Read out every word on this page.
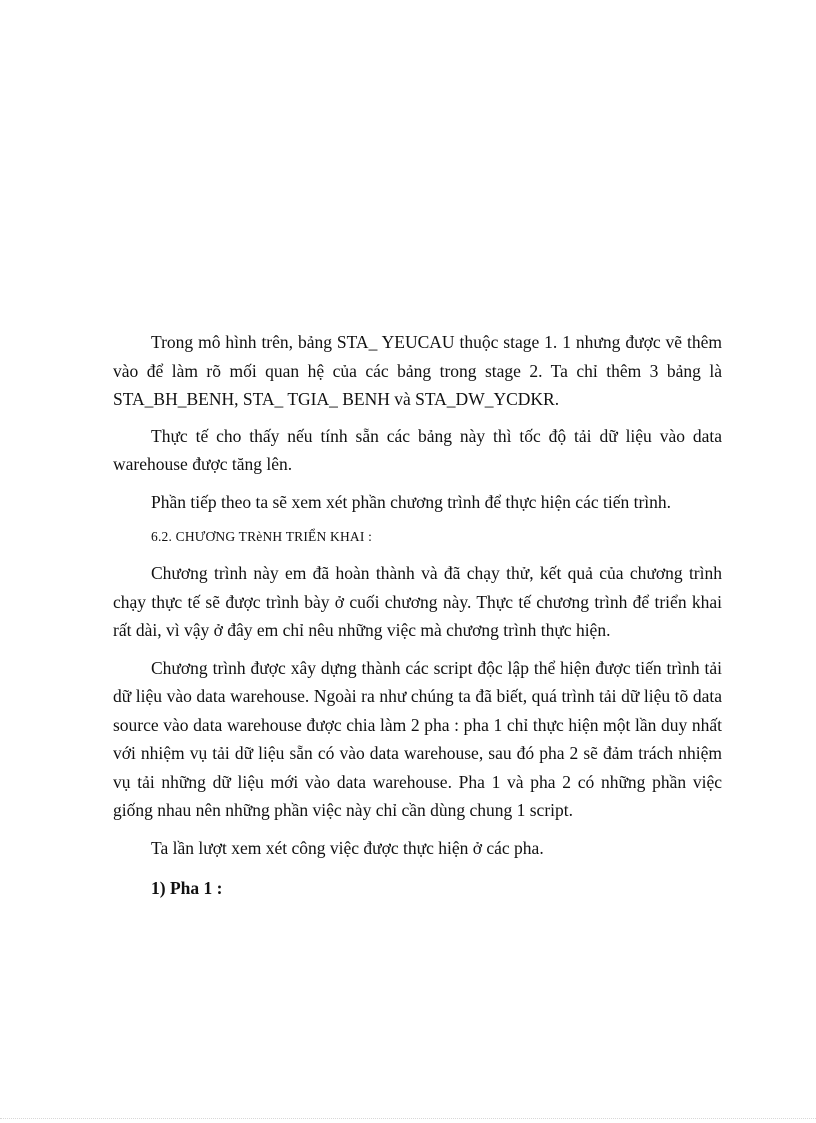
Trong mô hình trên, bảng STA_ YEUCAU thuộc stage 1. 1 nhưng được vẽ thêm vào để làm rõ mối quan hệ của các bảng trong stage 2. Ta chỉ thêm 3 bảng là STA_BH_BENH, STA_ TGIA_ BENH và STA_DW_YCDKR.

Thực tế cho thấy nếu tính sẵn các bảng này thì tốc độ tải dữ liệu vào data warehouse được tăng lên.

Phần tiếp theo ta sẽ xem xét phần chương trình để thực hiện các tiến trình.

6.2. CHƯƠNG TRèNH TRIỂN KHAI :

Chương trình này em đã hoàn thành và đã chạy thử, kết quả của chương trình chạy thực tế sẽ được trình bày ở cuối chương này. Thực tế chương trình để triển khai rất dài, vì vậy ở đây em chỉ nêu những việc mà chương trình thực hiện.

Chương trình được xây dựng thành các script độc lập thể hiện được tiến trình tải dữ liệu vào data warehouse. Ngoài ra như chúng ta đã biết, quá trình tải dữ liệu tõ data source vào data warehouse được chia làm 2 pha : pha 1 chỉ thực hiện một lần duy nhất với nhiệm vụ tải dữ liệu sẵn có vào data warehouse, sau đó pha 2 sẽ đảm trách nhiệm vụ tải những dữ liệu mới vào data warehouse. Pha 1 và pha 2 có những phần việc giống nhau nên những phần việc này chỉ cần dùng chung 1 script.

Ta lần lượt xem xét công việc được thực hiện ở các pha.

1) Pha 1 :
